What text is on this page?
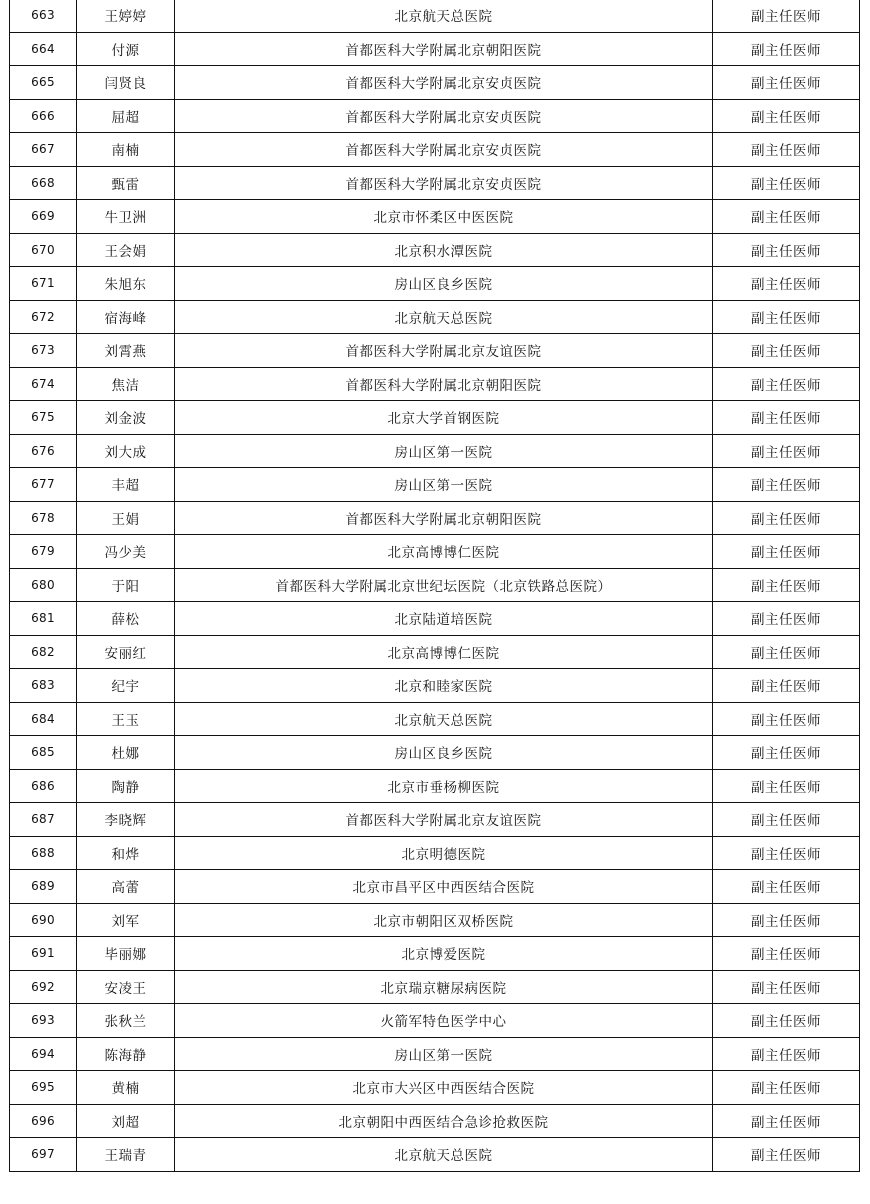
663	王婷婷	北京航天总医院	副主任医师
664	付源	首都医科大学附属北京朝阳医院	副主任医师
665	闫贤良	首都医科大学附属北京安贞医院	副主任医师
666	屈超	首都医科大学附属北京安贞医院	副主任医师
667	南楠	首都医科大学附属北京安贞医院	副主任医师
668	甄雷	首都医科大学附属北京安贞医院	副主任医师
669	牛卫洲	北京市怀柔区中医医院	副主任医师
670	王会娟	北京积水潭医院	副主任医师
671	朱旭东	房山区良乡医院	副主任医师
672	宿海峰	北京航天总医院	副主任医师
673	刘霄燕	首都医科大学附属北京友谊医院	副主任医师
674	焦洁	首都医科大学附属北京朝阳医院	副主任医师
675	刘金波	北京大学首钢医院	副主任医师
676	刘大成	房山区第一医院	副主任医师
677	丰超	房山区第一医院	副主任医师
678	王娟	首都医科大学附属北京朝阳医院	副主任医师
679	冯少美	北京高博博仁医院	副主任医师
680	于阳	首都医科大学附属北京世纪坛医院（北京铁路总医院）	副主任医师
681	薛松	北京陆道培医院	副主任医师
682	安丽红	北京高博博仁医院	副主任医师
683	纪宇	北京和睦家医院	副主任医师
684	王玉	北京航天总医院	副主任医师
685	杜娜	房山区良乡医院	副主任医师
686	陶静	北京市垂杨柳医院	副主任医师
687	李晓辉	首都医科大学附属北京友谊医院	副主任医师
688	和烨	北京明德医院	副主任医师
689	高蕾	北京市昌平区中西医结合医院	副主任医师
690	刘军	北京市朝阳区双桥医院	副主任医师
691	毕丽娜	北京博爱医院	副主任医师
692	安凌王	北京瑞京糖尿病医院	副主任医师
693	张秋兰	火箭军特色医学中心	副主任医师
694	陈海静	房山区第一医院	副主任医师
695	黄楠	北京市大兴区中西医结合医院	副主任医师
696	刘超	北京朝阳中西医结合急诊抢救医院	副主任医师
697	王瑞青	北京航天总医院	副主任医师
